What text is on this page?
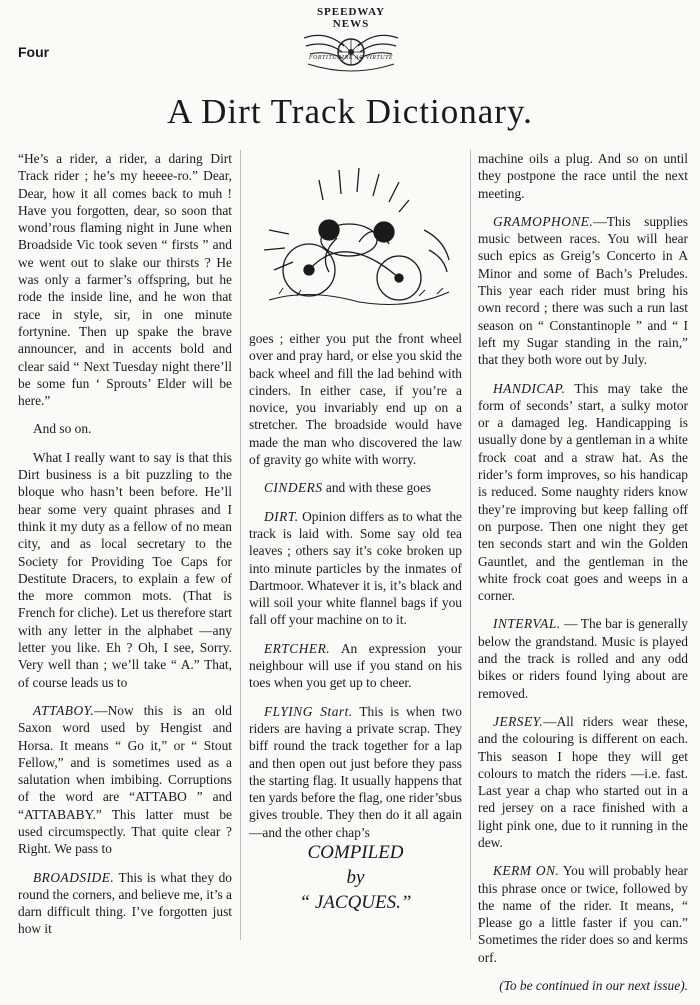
Four
SPEEDWAY
NEWS
FORTITUDINE AC VIRTUTE
A Dirt Track Dictionary.

“He’s a rider, a rider, a daring Dirt Track rider ; he’s my heeee-ro.” Dear, Dear, how it all comes back to muh ! Have you forgotten, dear, so soon that wond’rous flaming night in June when Broadside Vic took seven “ firsts ” and we went out to slake our thirsts ? He was only a farmer’s offspring, but he rode the inside line, and he won that race in style, sir, in one minute fortynine. Then up spake the brave announcer, and in accents bold and clear said “ Next Tuesday night there’ll be some fun ‘ Sprouts’ Elder will be here.”

And so on.

What I really want to say is that this Dirt business is a bit puzzling to the bloque who hasn’t been before. He’ll hear some very quaint phrases and I think it my duty as a fellow of no mean city, and as local secretary to the Society for Providing Toe Caps for Destitute Dracers, to explain a few of the more common mots. (That is French for cliche). Let us therefore start with any letter in the alphabet —any letter you like. Eh ? Oh, I see, Sorry. Very well than ; we’ll take “ A.” That, of course leads us to

ATTABOY.—Now this is an old Saxon word used by Hengist and Horsa. It means “ Go it,” or “ Stout Fellow,” and is sometimes used as a salutation when imbibing. Corruptions of the word are “ATTABO ” and “ATTABABY.” This latter must be used circumspectly. That quite clear ? Right. We pass to

BROADSIDE. This is what they do round the corners, and believe me, it’s a darn difficult thing. I’ve forgotten just how it

goes ; either you put the front wheel over and pray hard, or else you skid the back wheel and fill the lad behind with cinders. In either case, if you’re a novice, you invariably end up on a stretcher. The broadside would have made the man who discovered the law of gravity go white with worry.

CINDERS and with these goes

DIRT. Opinion differs as to what the track is laid with. Some say old tea leaves ; others say it’s coke broken up into minute particles by the inmates of Dartmoor. Whatever it is, it’s black and will soil your white flannel bags if you fall off your machine on to it.

ERTCHER. An expression your neighbour will use if you stand on his toes when you get up to cheer.

FLYING Start. This is when two riders are having a private scrap. They biff round the track together for a lap and then open out just before they pass the starting flag. It usually happens that ten yards before the flag, one rider’sbus gives trouble. They then do it all again—and the other chap’s

COMPILED
by
“ JACQUES.”

machine oils a plug. And so on until they postpone the race until the next meeting.

GRAMOPHONE.—This supplies music between races. You will hear such epics as Greig’s Concerto in A Minor and some of Bach’s Preludes. This year each rider must bring his own record ; there was such a run last season on “ Constantinople ” and “ I left my Sugar standing in the rain,” that they both wore out by July.

HANDICAP. This may take the form of seconds’ start, a sulky motor or a damaged leg. Handicapping is usually done by a gentleman in a white frock coat and a straw hat. As the rider’s form improves, so his handicap is reduced. Some naughty riders know they’re improving but keep falling off on purpose. Then one night they get ten seconds start and win the Golden Gauntlet, and the gentleman in the white frock coat goes and weeps in a corner.

INTERVAL. — The bar is generally below the grandstand. Music is played and the track is rolled and any odd bikes or riders found lying about are removed.

JERSEY.—All riders wear these, and the colouring is different on each. This season I hope they will get colours to match the riders —i.e. fast. Last year a chap who started out in a red jersey on a race finished with a light pink one, due to it running in the dew.

KERM ON. You will probably hear this phrase once or twice, followed by the name of the rider. It means, “ Please go a little faster if you can.” Sometimes the rider does so and kerms orf.

(To be continued in our next issue).
